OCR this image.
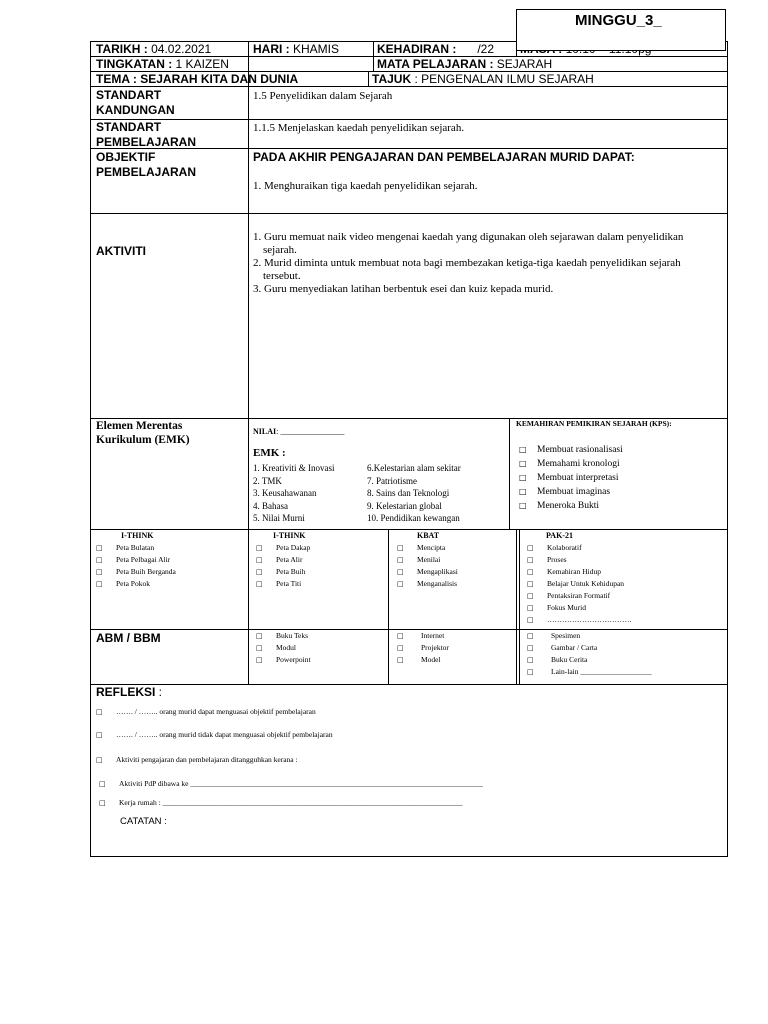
MINGGU_3_
TARIKH : 04.02.2021	HARI : KHAMIS	KEHADIRAN : /22
TINGKATAN : 1 KAIZEN	MATA PELAJARAN : SEJARAH
TEMA : SEJARAH KITA DAN DUNIA	TAJUK : PENGENALAN ILMU SEJARAH
STANDART KANDUNGAN
1.5 Penyelidikan dalam Sejarah
STANDART PEMBELAJARAN
1.1.5 Menjelaskan kaedah penyelidikan sejarah.
OBJEKTIF PEMBELAJARAN
PADA AKHIR PENGAJARAN DAN PEMBELAJARAN MURID DAPAT:
1. Menghuraikan tiga kaedah penyelidikan sejarah.
AKTIVITI
1. Guru memuat naik video mengenai kaedah yang digunakan oleh sejarawan dalam penyelidikan sejarah.
2. Murid diminta untuk membuat nota bagi membezakan ketiga-tiga kaedah penyelidikan sejarah tersebut.
3. Guru menyediakan latihan berbentuk esei dan kuiz kepada murid.
Elemen Merentas Kurikulum (EMK)
NILAI: ________________
EMK :
1. Kreativiti & Inovasi
2. TMK
3. Keusahawanan
4. Bahasa
5. Nilai Murni
6.Kelestarian alam sekitar
7. Patriotisme
8. Sains dan Teknologi
9. Kelestarian global
10. Pendidikan kewangan
KEMAHIRAN PEMIKIRAN SEJARAH (KPS):
□ Membuat rasionalisasi
□ Memahami kronologi
□ Membuat interpretasi
□ Membuat imaginas
□ Meneroka Bukti
I-THINK
□ Peta Bulatan
□ Peta Pelbagai Alir
□ Peta Buih Berganda
□ Peta Pokok
I-THINK
□ Peta Dakap
□ Peta Alir
□ Peta Buih
□ Peta Titi
KBAT
□ Mencipta
□ Menilai
□ Mengaplikasi
□ Menganalisis
PAK-21
□ Kolaboratif
□ Proses
□ Kemahiran Hidup
□ Belajar Untuk Kehidupan
□ Pentaksiran Formatif
□ Fokus Murid
□ …………………………….
ABM / BBM
□	Buku Teks
□ Modul
□ Powerpoint
□ Internet
□ Projektor
□ Model
□ Spesimen
□ Gambar / Carta
□ Buku Cerita
□ Lain-lain ___________________
REFLEKSI :
□ ……. / …….. orang murid dapat menguasai objektif pembelajaran
□ ……. / …….. orang murid tidak dapat menguasai objektif pembelajaran
□ Aktiviti pengajaran dan pembelajaran ditangguhkan kerana :
□ Aktiviti PdP dibawa ke ______________________________________________________________________________
□ Kerja rumah : ________________________________________________________________________________
CATATAN :
